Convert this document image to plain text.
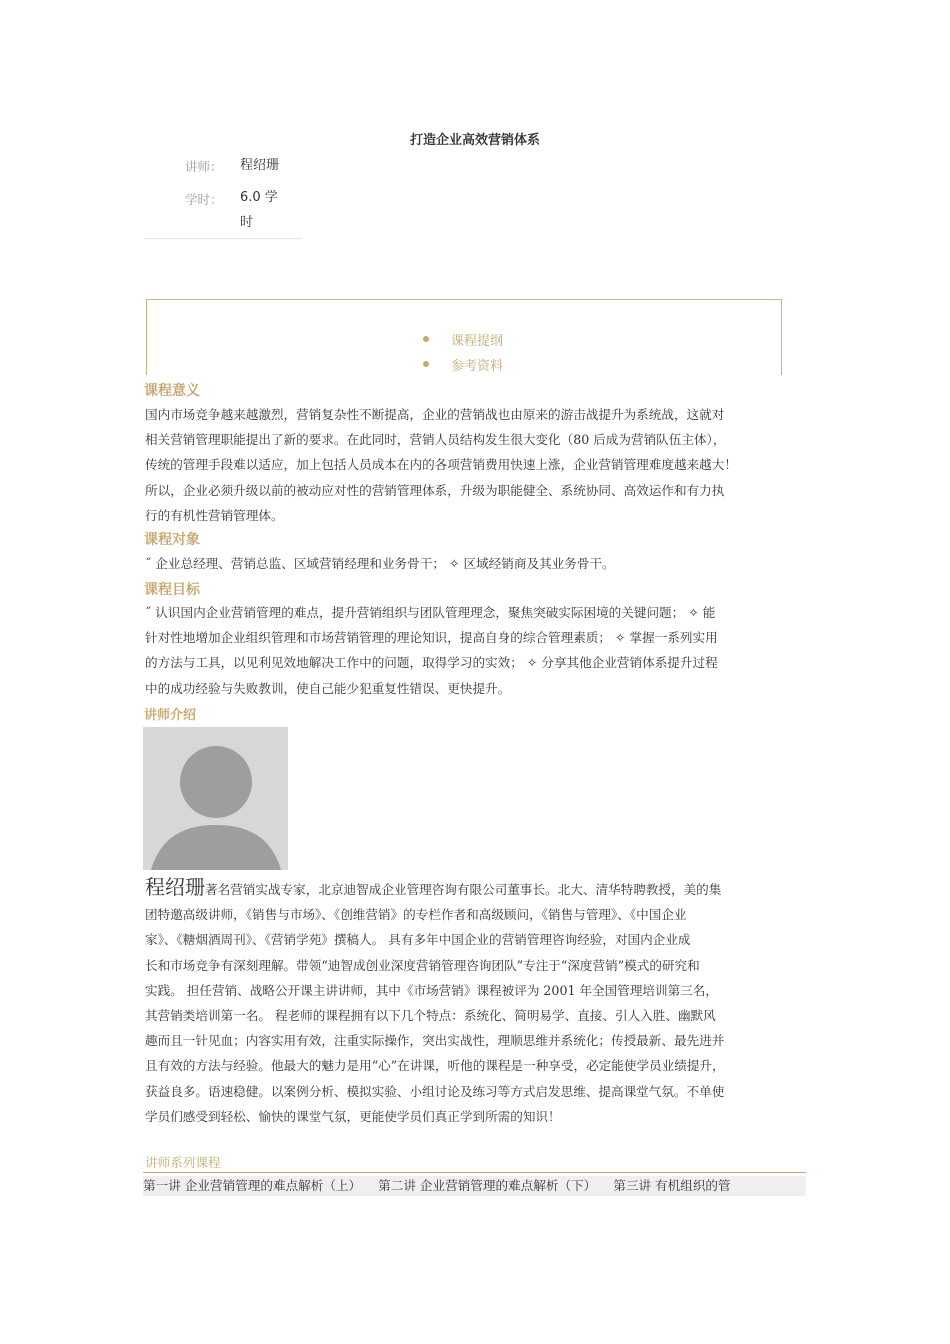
打造企业高效营销体系
讲师： 程绍珊
学时： 6.0 学
时
课程提纲
参考资料
课程意义
国内市场竞争越来越激烈，营销复杂性不断提高，企业的营销战也由原来的游击战提升为系统战，这就对
相关营销管理职能提出了新的要求。在此同时，营销人员结构发生很大变化（80 后成为营销队伍主体），
传统的管理手段难以适应，加上包括人员成本在内的各项营销费用快速上涨，企业营销管理难度越来越大！
所以，企业必须升级以前的被动应对性的营销管理体系，升级为职能健全、系统协同、高效运作和有力执
行的有机性营销管理体。
课程对象
˝ 企业总经理、营销总监、区域营销经理和业务骨干； ✧ 区域经销商及其业务骨干。
课程目标
˝ 认识国内企业营销管理的难点，提升营销组织与团队管理理念，聚焦突破实际困境的关键问题； ✧ 能
针对性地增加企业组织管理和市场营销管理的理论知识，提高自身的综合管理素质； ✧ 掌握一系列实用
的方法与工具，以见利见效地解决工作中的问题，取得学习的实效； ✧ 分享其他企业营销体系提升过程
中的成功经验与失败教训，使自己能少犯重复性错误、更快提升。
讲师介绍
程绍珊著名营销实战专家，北京迪智成企业管理咨询有限公司董事长。北大、清华特聘教授，美的集
团特邀高级讲师，《销售与市场》、《创维营销》的专栏作者和高级顾问，《销售与管理》、《中国企业
家》、《糖烟酒周刊》、《营销学苑》撰稿人。 具有多年中国企业的营销管理咨询经验，对国内企业成
长和市场竞争有深刻理解。带领“迪智成创业深度营销管理咨询团队”专注于“深度营销”模式的研究和
实践。 担任营销、战略公开课主讲讲师，其中《市场营销》课程被评为 2001 年全国管理培训第三名，
其营销类培训第一名。 程老师的课程拥有以下几个特点：系统化、简明易学、直接、引人入胜、幽默风
趣而且一针见血；内容实用有效，注重实际操作，突出实战性，理顺思维并系统化；传授最新、最先进并
且有效的方法与经验。他最大的魅力是用“心”在讲课，听他的课程是一种享受，必定能使学员业绩提升，
获益良多。语速稳健。以案例分析、模拟实验、小组讨论及练习等方式启发思维、提高课堂气氛。不单使
学员们感受到轻松、愉快的课堂气氛，更能使学员们真正学到所需的知识！
讲师系列课程
第一讲 企业营销管理的难点解析（上） 第二讲 企业营销管理的难点解析（下） 第三讲 有机组织的管
